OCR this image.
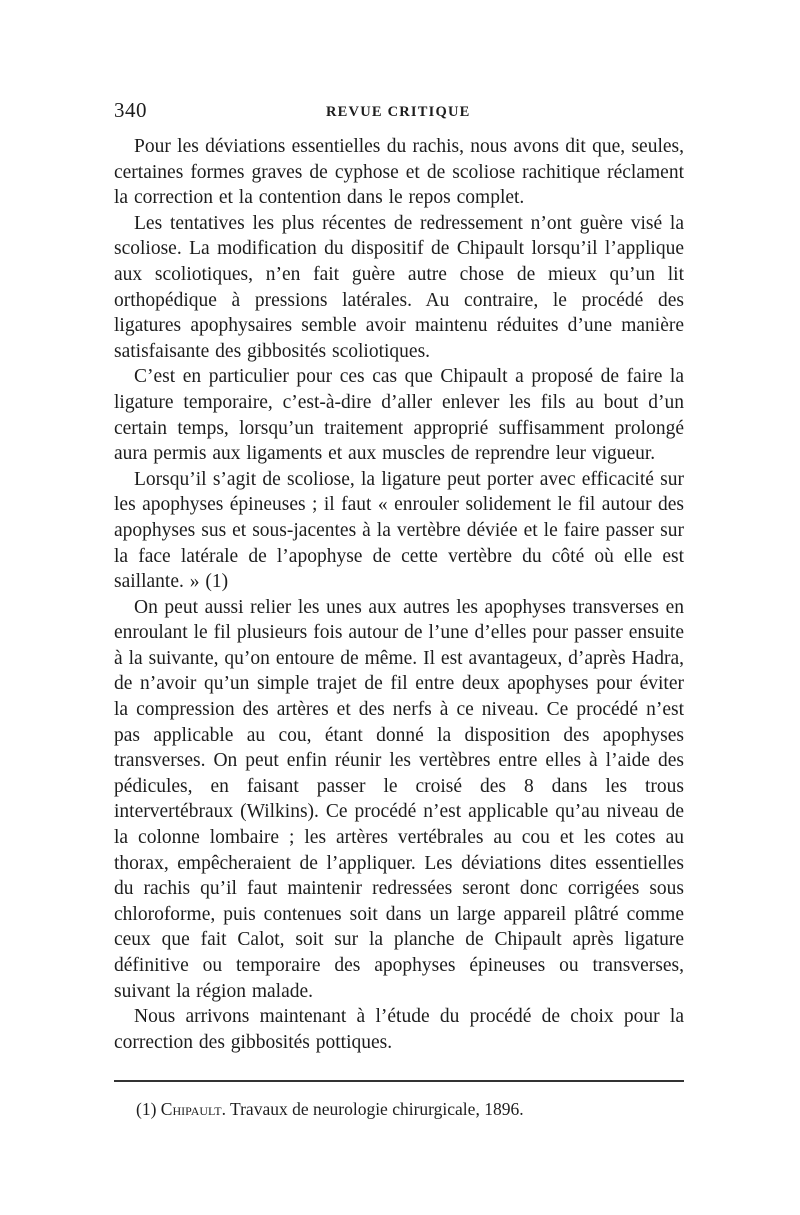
340	REVUE CRITIQUE

Pour les déviations essentielles du rachis, nous avons dit que, seules, certaines formes graves de cyphose et de scoliose rachitique réclament la correction et la contention dans le repos complet.

Les tentatives les plus récentes de redressement n’ont guère visé la scoliose. La modification du dispositif de Chipault lorsqu’il l’applique aux scoliotiques, n’en fait guère autre chose de mieux qu’un lit orthopédique à pressions latérales. Au contraire, le procédé des ligatures apophysaires semble avoir maintenu réduites d’une manière satisfaisante des gibbosités scoliotiques.

C’est en particulier pour ces cas que Chipault a proposé de faire la ligature temporaire, c’est-à-dire d’aller enlever les fils au bout d’un certain temps, lorsqu’un traitement approprié suffisamment prolongé aura permis aux ligaments et aux muscles de reprendre leur vigueur.

Lorsqu’il s’agit de scoliose, la ligature peut porter avec efficacité sur les apophyses épineuses ; il faut « enrouler solidement le fil autour des apophyses sus et sous-jacentes à la vertèbre déviée et le faire passer sur la face latérale de l’apophyse de cette vertèbre du côté où elle est saillante. » (1)

On peut aussi relier les unes aux autres les apophyses transverses en enroulant le fil plusieurs fois autour de l’une d’elles pour passer ensuite à la suivante, qu’on entoure de même. Il est avantageux, d’après Hadra, de n’avoir qu’un simple trajet de fil entre deux apophyses pour éviter la compression des artères et des nerfs à ce niveau. Ce procédé n’est pas applicable au cou, étant donné la disposition des apophyses transverses. On peut enfin réunir les vertèbres entre elles à l’aide des pédicules, en faisant passer le croisé des 8 dans les trous intervertébraux (Wilkins). Ce procédé n’est applicable qu’au niveau de la colonne lombaire ; les artères vertébrales au cou et les cotes au thorax, empêcheraient de l’appliquer. Les déviations dites essentielles du rachis qu’il faut maintenir redressées seront donc corrigées sous chloroforme, puis contenues soit dans un large appareil plâtré comme ceux que fait Calot, soit sur la planche de Chipault après ligature définitive ou temporaire des apophyses épineuses ou transverses, suivant la région malade.

Nous arrivons maintenant à l’étude du procédé de choix pour la correction des gibbosités pottiques.

(1) Chipault. Travaux de neurologie chirurgicale, 1896.
